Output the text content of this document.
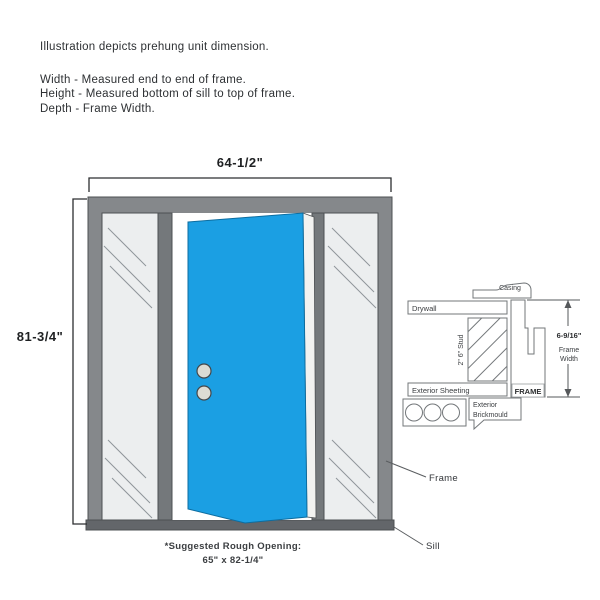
Illustration depicts prehung unit dimension.

Width - Measured end to end of frame.

Height - Measured bottom of sill to top of frame.

Depth - Frame Width.

64-1/2"
81-3/4"
Frame
Sill
*Suggested Rough Opening:
65" x 82-1/4"
Casing
Drywall
2" 6" Stud
FRAME
6-9/16"
Frame
Width
Exterior Sheeting
Exterior
Brickmould
